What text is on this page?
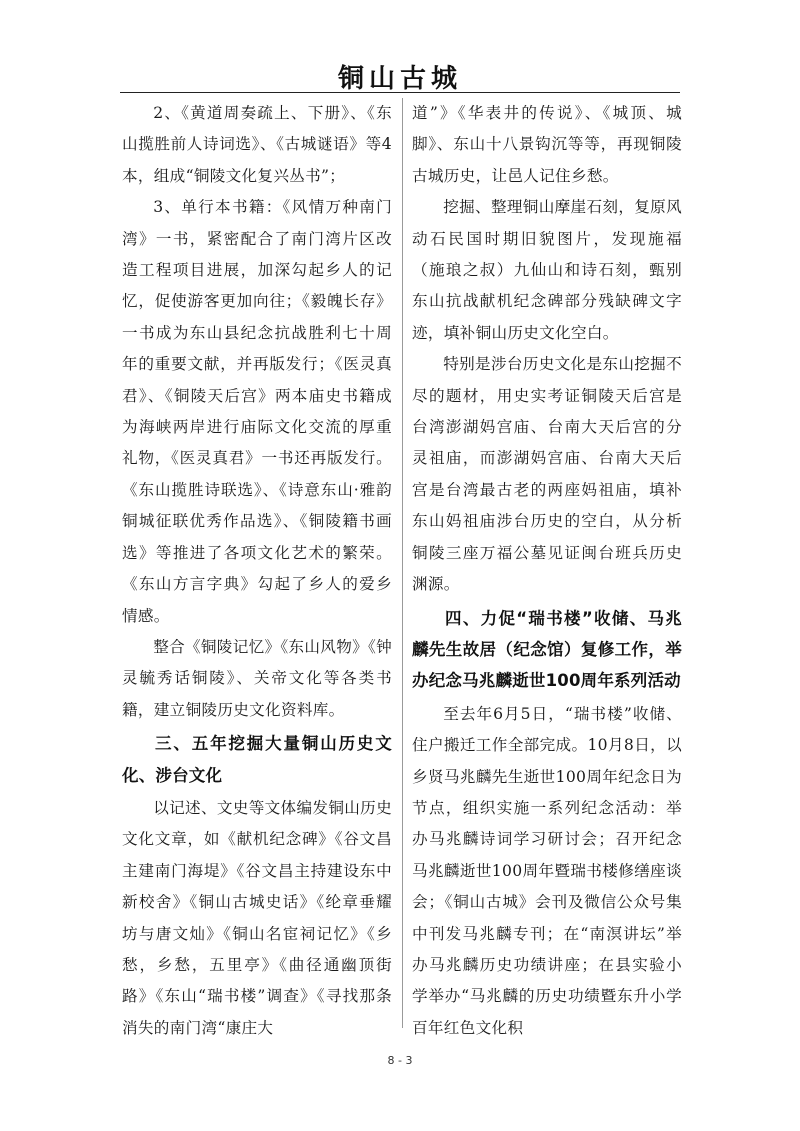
铜山古城

2、《黄道周奏疏上、下册》、《东山揽胜前人诗词选》、《古城谜语》等4本，组成“铜陵文化复兴丛书”；

3、单行本书籍：《风情万种南门湾》一书，紧密配合了南门湾片区改造工程项目进展，加深勾起乡人的记忆，促使游客更加向往；《毅魄长存》一书成为东山县纪念抗战胜利七十周年的重要文献，并再版发行；《医灵真君》、《铜陵天后宫》两本庙史书籍成为海峡两岸进行庙际文化交流的厚重礼物，《医灵真君》一书还再版发行。《东山揽胜诗联选》、《诗意东山·雅韵铜城征联优秀作品选》、《铜陵籍书画选》等推进了各项文化艺术的繁荣。《东山方言字典》勾起了乡人的爱乡情感。

整合《铜陵记忆》《东山风物》《钟灵毓秀话铜陵》、关帝文化等各类书籍，建立铜陵历史文化资料库。

三、五年挖掘大量铜山历史文化、涉台文化

以记述、文史等文体编发铜山历史文化文章，如《献机纪念碑》《谷文昌主建南门海堤》《谷文昌主持建设东中新校舍》《铜山古城史话》《纶章垂耀坊与唐文灿》《铜山名宦祠记忆》《乡愁，乡愁，五里亭》《曲径通幽顶街路》《东山“瑞书楼”调查》《寻找那条消失的南门湾“康庄大

道”》《华表井的传说》、《城顶、城脚》、东山十八景钩沉等等，再现铜陵古城历史，让邑人记住乡愁。

挖掘、整理铜山摩崖石刻，复原风动石民国时期旧貌图片，发现施福（施琅之叔）九仙山和诗石刻，甄别东山抗战献机纪念碑部分残缺碑文字迹，填补铜山历史文化空白。

特别是涉台历史文化是东山挖掘不尽的题材，用史实考证铜陵天后宫是台湾澎湖妈宫庙、台南大天后宫的分灵祖庙，而澎湖妈宫庙、台南大天后宫是台湾最古老的两座妈祖庙，填补东山妈祖庙涉台历史的空白，从分析铜陵三座万福公墓见证闽台班兵历史渊源。

四、力促“瑞书楼”收储、马兆麟先生故居（纪念馆）复修工作，举办纪念马兆麟逝世100周年系列活动

至去年6月5日，“瑞书楼”收储、住户搬迁工作全部完成。10月8日，以乡贤马兆麟先生逝世100周年纪念日为节点，组织实施一系列纪念活动：举办马兆麟诗词学习研讨会；召开纪念马兆麟逝世100周年暨瑞书楼修缮座谈会；《铜山古城》会刊及微信公众号集中刊发马兆麟专刊；在“南溟讲坛”举办马兆麟历史功绩讲座；在县实验小学举办“马兆麟的历史功绩暨东升小学百年红色文化积

8 - 3
